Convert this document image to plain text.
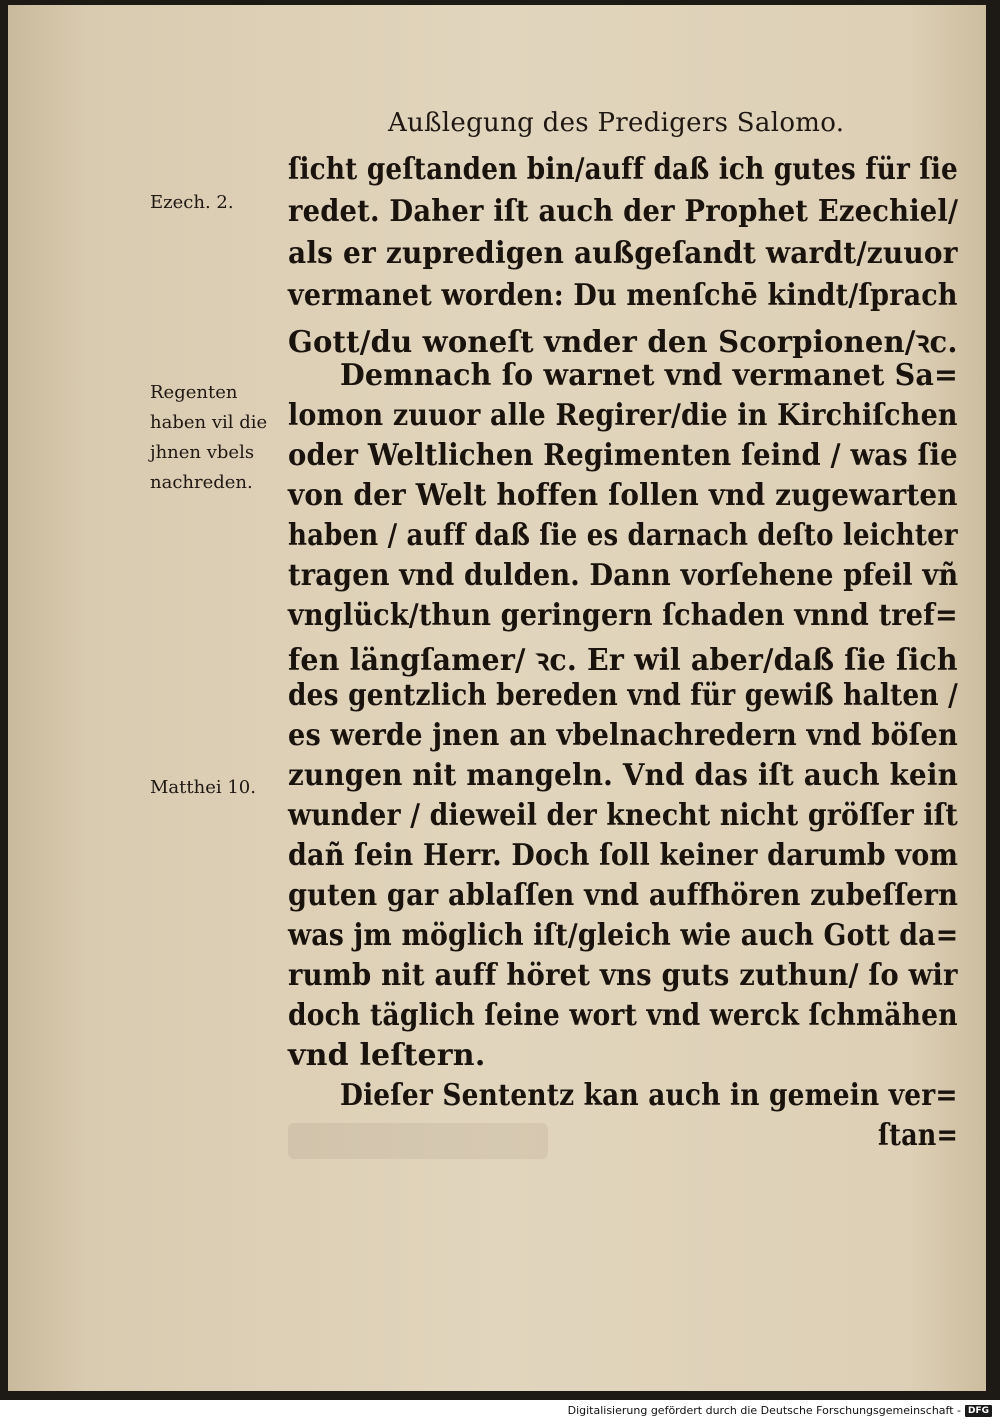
Außlegung des Predigers Salomo.
Ezech. 2.
Regenten
haben vil die
jhnen vbels
nachreden.
Matthei 10.
ſicht geſtanden bin/auff daß ich gutes für ſie
redet. Daher iſt auch der Prophet Ezechiel/
als er zupredigen außgeſandt wardt/zuuor
vermanet worden: Du menſchē kindt/ſprach
Gott/du woneſt vnder den Scorpionen/ꝛc.
Demnach ſo warnet vnd vermanet Sa=
lomon zuuor alle Regirer/die in Kirchiſchen
oder Weltlichen Regimenten ſeind / was ſie
von der Welt hoffen ſollen vnd zugewarten
haben / auff daß ſie es darnach deſto leichter
tragen vnd dulden. Dann vorſehene pfeil vñ
vnglück/thun geringern ſchaden vnnd tref=
fen längſamer/ ꝛc. Er wil aber/daß ſie ſich
des gentzlich bereden vnd für gewiß halten /
es werde jnen an vbelnachredern vnd böſen
zungen nit mangeln. Vnd das iſt auch kein
wunder / dieweil der knecht nicht gröſſer iſt
dañ ſein Herr. Doch ſoll keiner darumb vom
guten gar ablaſſen vnd auffhören zubeſſern
was jm möglich iſt/gleich wie auch Gott da=
rumb nit auff höret vns guts zuthun/ ſo wir
doch täglich ſeine wort vnd werck ſchmähen
vnd leſtern.
Dieſer Sententz kan auch in gemein ver=
ſtan=
Digitalisierung gefördert durch die Deutsche Forschungsgemeinschaft - DFG
